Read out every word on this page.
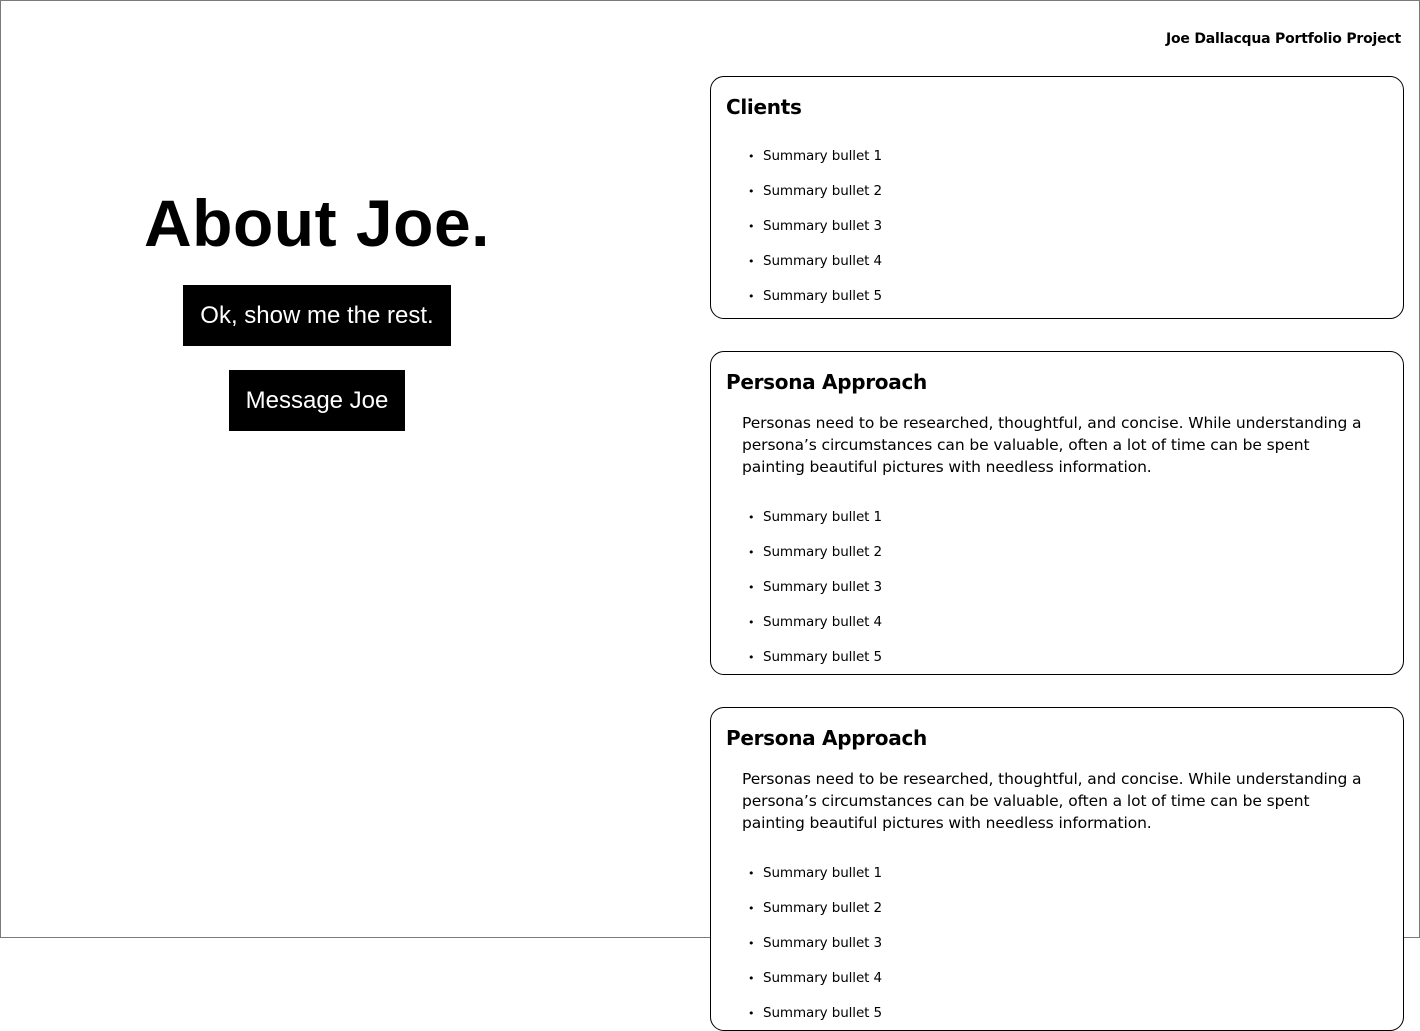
Joe Dallacqua Portfolio Project
About Joe.
Ok, show me the rest.
Message Joe
Clients
• Summary bullet 1
• Summary bullet 2
• Summary bullet 3
• Summary bullet 4
• Summary bullet 5
Persona Approach

Personas need to be researched, thoughtful, and concise. While understanding a persona’s circumstances can be valuable, often a lot of time can be spent painting beautiful pictures with needless information.

• Summary bullet 1
• Summary bullet 2
• Summary bullet 3
• Summary bullet 4
• Summary bullet 5
Persona Approach

Personas need to be researched, thoughtful, and concise. While understanding a persona’s circumstances can be valuable, often a lot of time can be spent painting beautiful pictures with needless information.

• Summary bullet 1
• Summary bullet 2
• Summary bullet 3
• Summary bullet 4
• Summary bullet 5
